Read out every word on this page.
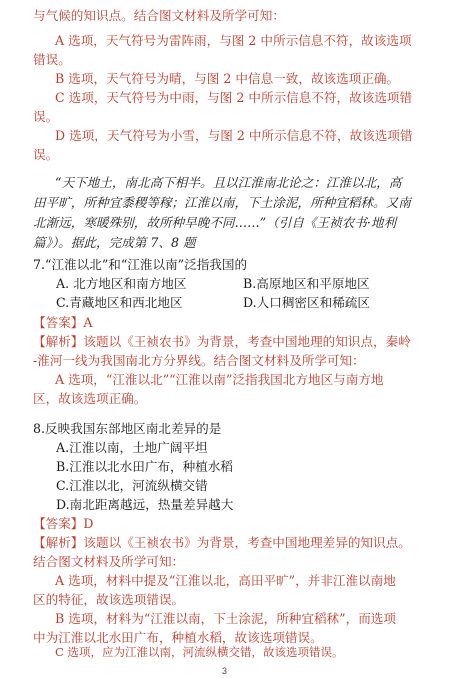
与气候的知识点。结合图文材料及所学可知：
A 选项，天气符号为雷阵雨，与图 2 中所示信息不符，故该选项
错误。
B 选项，天气符号为晴，与图 2 中信息一致，故该选项正确。
C 选项，天气符号为中雨，与图 2 中所示信息不符，故该选项错
误。
D 选项，天气符号为小雪，与图 2 中所示信息不符，故该选项错
误。
“天下地土，南北高下相半。且以江淮南北论之：江淮以北，高
田平旷，所种宜黍稷等稼；江淮以南，下土涂泥，所种宜稻秫。又南
北渐远，寒暖殊别，故所种早晚不同……”（引自《王祯农书·地利
篇》）。据此，完成第 7、8 题
7.“江淮以北”和“江淮以南”泛指我国的
A. 北方地区和南方地区	B.高原地区和平原地区
C.青藏地区和西北地区	D.人口稠密区和稀疏区
【答案】A
【解析】该题以《王祯农书》为背景，考查中国地理的知识点，秦岭
-淮河一线为我国南北方分界线。结合图文材料及所学可知：
A 选项，“江淮以北”“江淮以南”泛指我国北方地区与南方地
区，故该选项正确。
8.反映我国东部地区南北差异的是
A.江淮以南，土地广阔平坦
B.江淮以北水田广布，种植水稻
C.江淮以北，河流纵横交错
D.南北距离越远，热量差异越大
【答案】D
【解析】该题以《王祯农书》为背景，考查中国地理差异的知识点。
结合图文材料及所学可知：
A 选项，材料中提及“江淮以北，高田平旷”，并非江淮以南地
区的特征，故该选项错误。
B 选项，材料为“江淮以南，下土涂泥，所种宜稻秫”，而选项
中为江淮以北水田广布，种植水稻，故该选项错误。
C 选项，应为江淮以南，河流纵横交错，故该选项错误。
3
